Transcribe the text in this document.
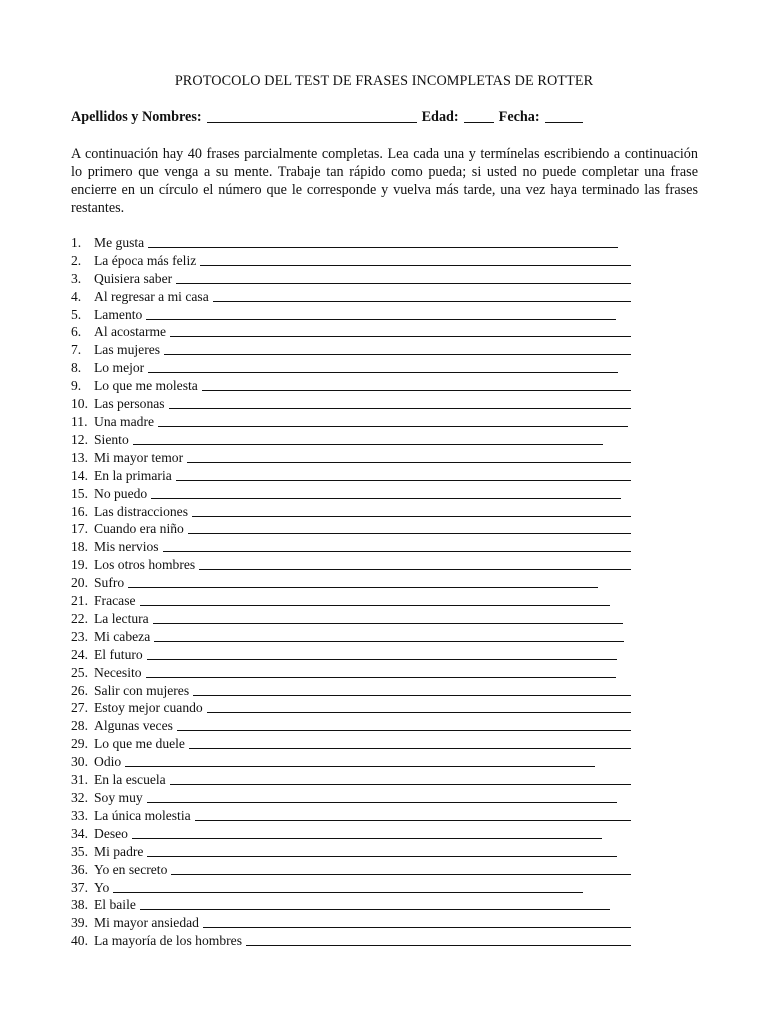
PROTOCOLO DEL TEST DE FRASES INCOMPLETAS DE ROTTER
Apellidos y Nombres:	Edad:	Fecha:
A continuación hay 40 frases parcialmente completas. Lea cada una y termínelas escribiendo a continuación lo primero que venga a su mente. Trabaje tan rápido como pueda; si usted no puede completar una frase encierre en un círculo el número que le corresponde y vuelva más tarde, una vez haya terminado las frases restantes.
1. Me gusta
2. La época más feliz
3. Quisiera saber
4. Al regresar a mi casa
5. Lamento
6. Al acostarme
7. Las mujeres
8. Lo mejor
9. Lo que me molesta
10. Las personas
11. Una madre
12. Siento
13. Mi mayor temor
14. En la primaria
15. No puedo
16. Las distracciones
17. Cuando era niño
18. Mis nervios
19. Los otros hombres
20. Sufro
21. Fracase
22. La lectura
23. Mi cabeza
24. El futuro
25. Necesito
26. Salir con mujeres
27. Estoy mejor cuando
28. Algunas veces
29. Lo que me duele
30. Odio
31. En la escuela
32. Soy muy
33. La única molestia
34. Deseo
35. Mi padre
36. Yo en secreto
37. Yo
38. El baile
39. Mi mayor ansiedad
40. La mayoría de los hombres
